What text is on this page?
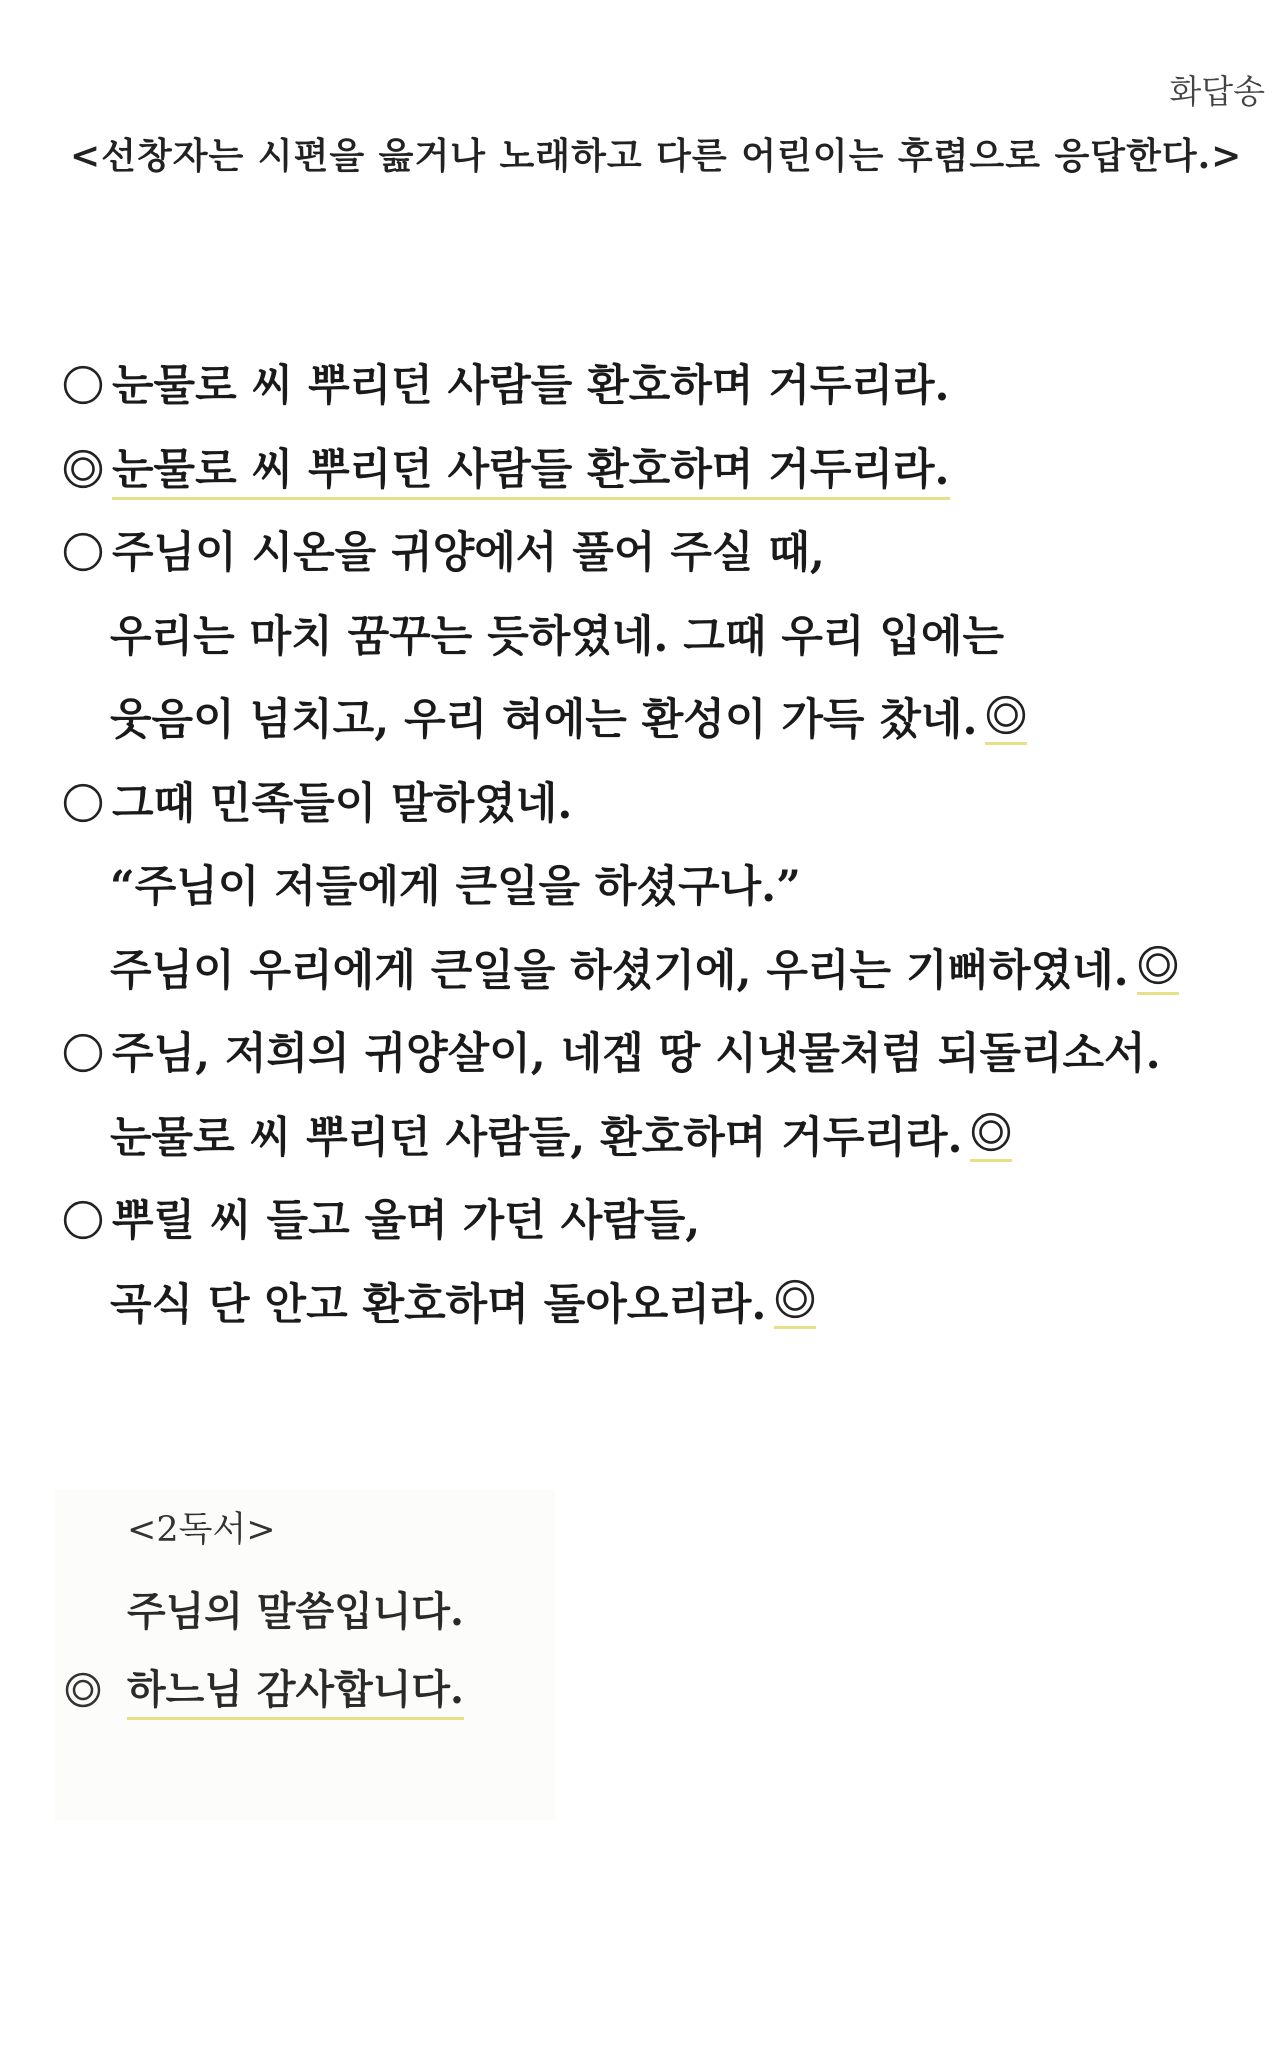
화답송
<선창자는 시편을 읊거나 노래하고 다른 어린이는 후렴으로 응답한다.>
눈물로 씨 뿌리던 사람들 환호하며 거두리라.
눈물로 씨 뿌리던 사람들 환호하며 거두리라.
주님이 시온을 귀양에서 풀어 주실 때,
우리는 마치 꿈꾸는 듯하였네. 그때 우리 입에는
웃음이 넘치고, 우리 혀에는 환성이 가득 찼네.
그때 민족들이 말하였네.
“주님이 저들에게 큰일을 하셨구나.”
주님이 우리에게 큰일을 하셨기에, 우리는 기뻐하였네.
주님, 저희의 귀양살이, 네겝 땅 시냇물처럼 되돌리소서.
눈물로 씨 뿌리던 사람들, 환호하며 거두리라.
뿌릴 씨 들고 울며 가던 사람들,
곡식 단 안고 환호하며 돌아오리라.
<2독서>
주님의 말씀입니다.
하느님 감사합니다.
